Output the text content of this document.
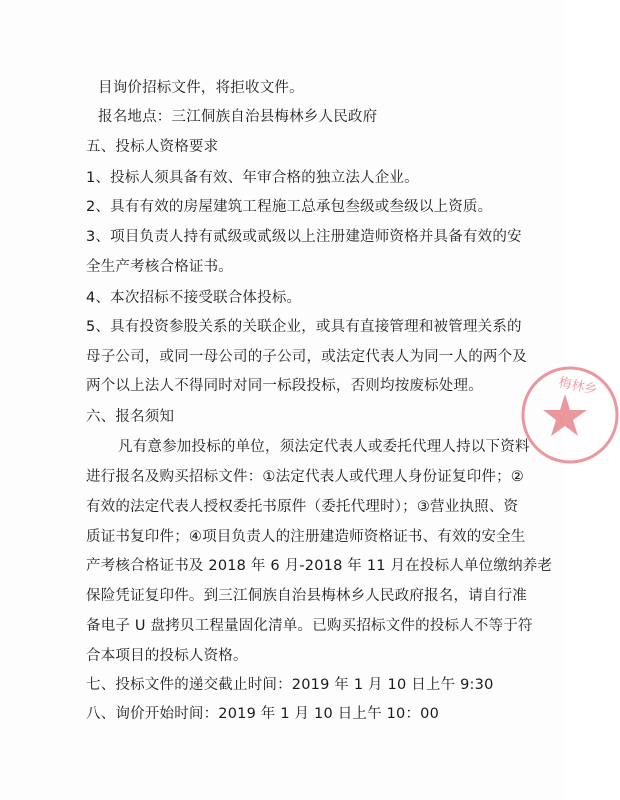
目询价招标文件，将拒收文件。
报名地点：三江侗族自治县梅林乡人民政府
五、投标人资格要求
1、投标人须具备有效、年审合格的独立法人企业。
2、具有有效的房屋建筑工程施工总承包叁级或叁级以上资质。
3、项目负责人持有贰级或贰级以上注册建造师资格并具备有效的安
全生产考核合格证书。
4、本次招标不接受联合体投标。
5、具有投资参股关系的关联企业，或具有直接管理和被管理关系的
母子公司，或同一母公司的子公司，或法定代表人为同一人的两个及
两个以上法人不得同时对同一标段投标，否则均按废标处理。
六、报名须知
凡有意参加投标的单位，须法定代表人或委托代理人持以下资料
进行报名及购买招标文件：①法定代表人或代理人身份证复印件；②
有效的法定代表人授权委托书原件（委托代理时）；③营业执照、资
质证书复印件；④项目负责人的注册建造师资格证书、有效的安全生
产考核合格证书及 2018 年 6 月-2018 年 11 月在投标人单位缴纳养老
保险凭证复印件。到三江侗族自治县梅林乡人民政府报名，请自行准
备电子 U 盘拷贝工程量固化清单。已购买招标文件的投标人不等于符
合本项目的投标人资格。
七、投标文件的递交截止时间：2019 年 1 月 10 日上午 9:30
八、询价开始时间：2019 年 1 月 10 日上午 10：00
梅林乡
